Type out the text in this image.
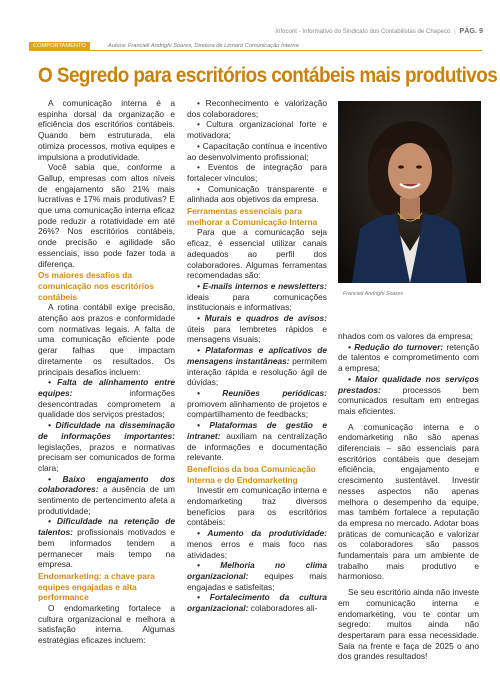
Infocont - Informativo do Sindicato dos Contabilistas de Chapecó | PÁG. 9
COMPORTAMENTO	Autora: Francieli Andrighi Soares, Diretora de Linnard Comunicação Interna
O Segredo para escritórios contábeis mais produtivos

A comunicação interna é a espinha dorsal da organização e eficiência dos escritórios contábeis. Quando bem estruturada, ela otimiza processos, motiva equipes e impulsiona a produtividade.

Você sabia que, conforme a Gallup, empresas com altos níveis de engajamento são 21% mais lucrativas e 17% mais produtivas? E que uma comunicação interna eficaz pode reduzir a rotatividade em até 26%? Nos escritórios contábeis, onde precisão e agilidade são essenciais, isso pode fazer toda a diferença.

Os maiores desafios da comunicação nos escritórios contábeis

A rotina contábil exige precisão, atenção aos prazos e conformidade com normativas legais. A falta de uma comunicação eficiente pode gerar falhas que impactam diretamente os resultados. Os principais desafios incluem:

• Falta de alinhamento entre equipes: informações desencontradas comprometem a qualidade dos serviços prestados;

• Dificuldade na disseminação de informações importantes: legislações, prazos e normativas precisam ser comunicados de forma clara;

• Baixo engajamento dos colaboradores: a ausência de um sentimento de pertencimento afeta a produtividade;

• Dificuldade na retenção de talentos: profissionais motivados e bem informados tendem a permanecer mais tempo na empresa.

Endomarketing: a chave para equipes engajadas e alta performance

O endomarketing fortalece a cultura organizacional e melhora a satisfação interna. Algumas estratégias eficazes incluem:

• Reconhecimento e valorização dos colaboradores;

• Cultura organizacional forte e motivadora;

• Capacitação contínua e incentivo ao desenvolvimento profissional;

• Eventos de integração para fortalecer vínculos;

• Comunicação transparente e alinhada aos objetivos da empresa.

Ferramentas essenciais para melhorar a Comunicação Interna

Para que a comunicação seja eficaz, é essencial utilizar canais adequados ao perfil dos colaboradores. Algumas ferramentas recomendadas são:

• E-mails internos e newsletters: ideais para comunicações institucionais e informativas;

• Murais e quadros de avisos: úteis para lembretes rápidos e mensagens visuais;

• Plataformas e aplicativos de mensagens instantâneas: permitem interação rápida e resolução ágil de dúvidas;

• Reuniões periódicas: promovem alinhamento de projetos e compartilhamento de feedbacks;

• Plataformas de gestão e intranet: auxiliam na centralização de informações e documentação relevante.

Benefícios da boa Comunicação Interna e do Endomarketing

Investir em comunicação interna e endomarketing traz diversos benefícios para os escritórios contábeis:

• Aumento da produtividade: menos erros e mais foco nas atividades;

• Melhoria no clima organizacional: equipes mais engajadas e satisfeitas;

• Fortalecimento da cultura organizacional: colaboradores ali-

Francieli Andrighi Soares

nhados com os valores da empresa;

• Redução do turnover: retenção de talentos e comprometimento com a empresa;

• Maior qualidade nos serviços prestados: processos bem comunicados resultam em entregas mais eficientes.

A comunicação interna e o endomarketing não são apenas diferenciais – são essenciais para escritórios contábeis que desejam eficiência, engajamento e crescimento sustentável. Investir nesses aspectos não apenas melhora o desempenho da equipe, mas também fortalece a reputação da empresa no mercado. Adotar boas práticas de comunicação e valorizar os colaboradores são passos fundamentais para um ambiente de trabalho mais produtivo e harmonioso.

Se seu escritório ainda não investe em comunicação interna e endomarketing, vou te contar um segredo: muitos ainda não despertaram para essa necessidade. Saia na frente e faça de 2025 o ano dos grandes resultados!
